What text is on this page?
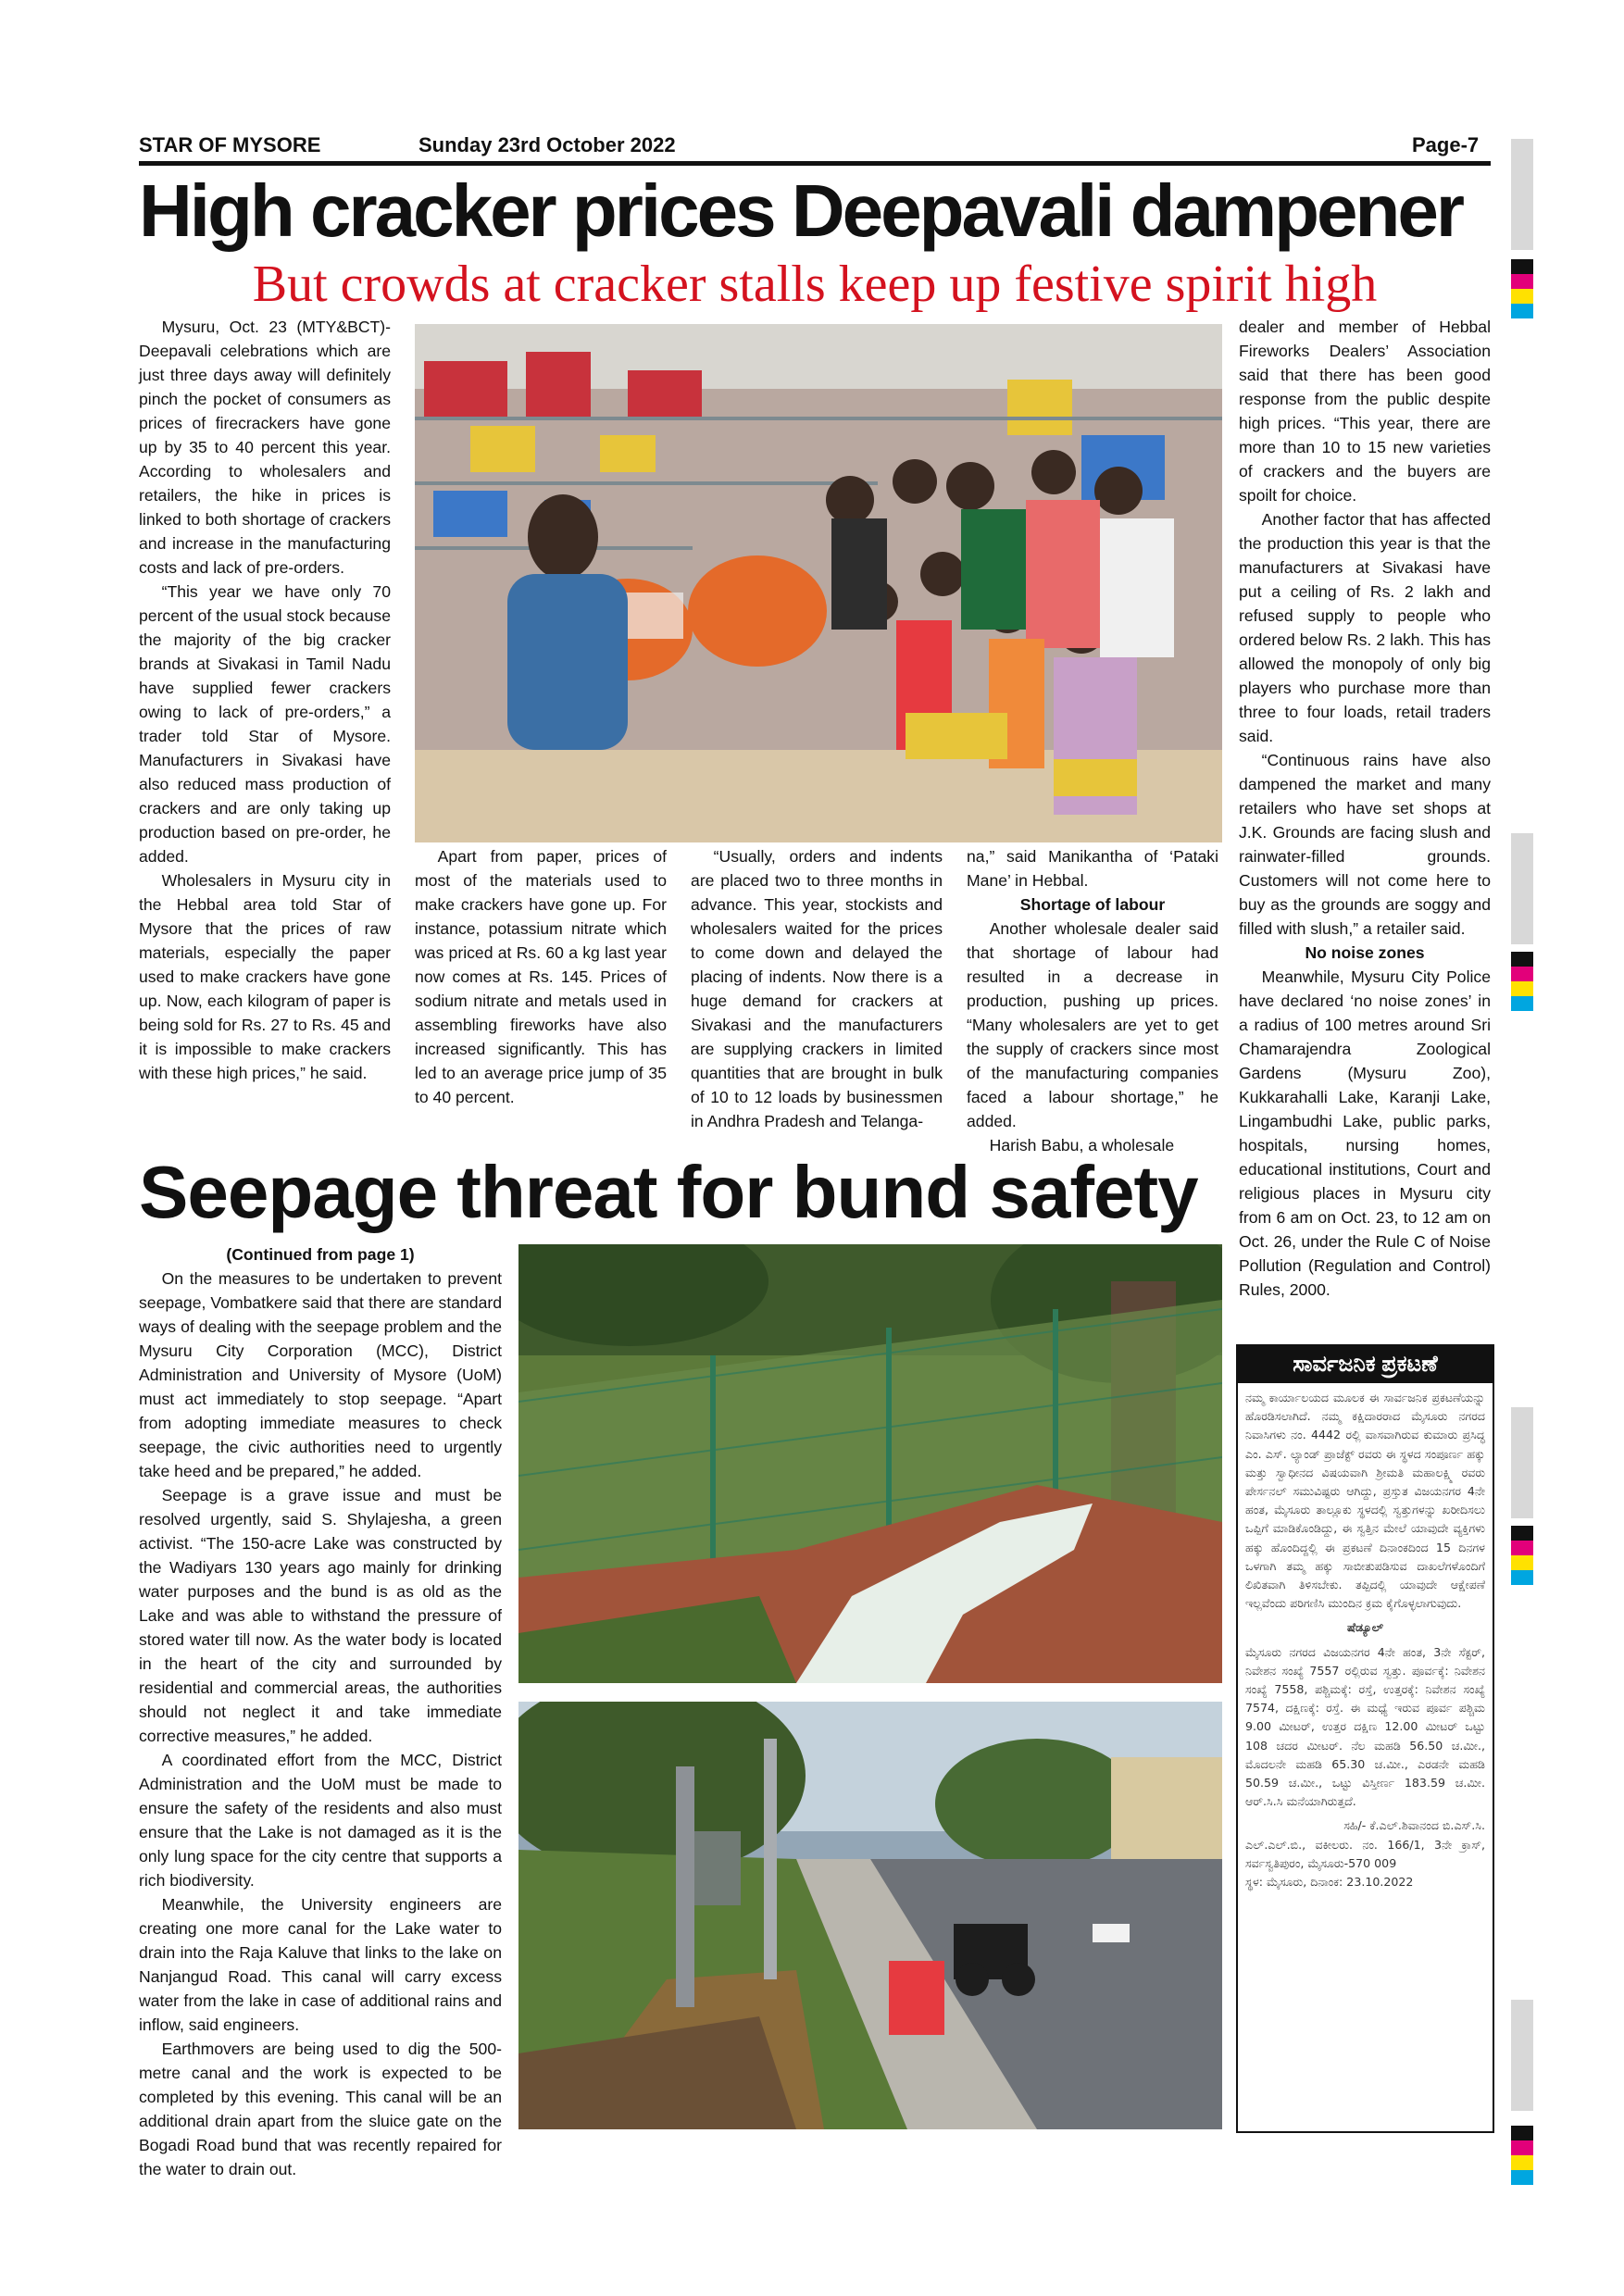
STAR OF MYSORE	Sunday 23rd October 2022	Page-7
High cracker prices Deepavali dampener
But crowds at cracker stalls keep up festive spirit high

Mysuru, Oct. 23 (MTY&BCT)- Deepavali celebrations which are just three days away will definitely pinch the pocket of consumers as prices of firecrackers have gone up by 35 to 40 percent this year. According to wholesalers and retailers, the hike in prices is linked to both shortage of crackers and increase in the manufacturing costs and lack of pre-orders.

“This year we have only 70 percent of the usual stock because the majority of the big cracker brands at Sivakasi in Tamil Nadu have supplied fewer crackers owing to lack of pre-orders,” a trader told Star of Mysore. Manufacturers in Sivakasi have also reduced mass production of crackers and are only taking up production based on pre-order, he added.

Wholesalers in Mysuru city in the Hebbal area told Star of Mysore that the prices of raw materials, especially the paper used to make crackers have gone up. Now, each kilogram of paper is being sold for Rs. 27 to Rs. 45 and it is impossible to make crackers with these high prices,” he said.

Apart from paper, prices of most of the materials used to make crackers have gone up. For instance, potassium nitrate which was priced at Rs. 60 a kg last year now comes at Rs. 145. Prices of sodium nitrate and metals used in assembling fireworks have also increased significantly. This has led to an average price jump of 35 to 40 percent.

“Usually, orders and indents are placed two to three months in advance. This year, stockists and wholesalers waited for the prices to come down and delayed the placing of indents. Now there is a huge demand for crackers at Sivakasi and the manufacturers are supplying crackers in limited quantities that are brought in bulk of 10 to 12 loads by businessmen in Andhra Pradesh and Telanga-

na,” said Manikantha of ‘Pataki Mane’ in Hebbal.

Shortage of labour

Another wholesale dealer said that shortage of labour had resulted in a decrease in production, pushing up prices. “Many wholesalers are yet to get the supply of crackers since most of the manufacturing companies faced a labour shortage,” he added.

Harish Babu, a wholesale

dealer and member of Hebbal Fireworks Dealers’ Association said that there has been good response from the public despite high prices. “This year, there are more than 10 to 15 new varieties of crackers and the buyers are spoilt for choice.

Another factor that has affected the production this year is that the manufacturers at Sivakasi have put a ceiling of Rs. 2 lakh and refused supply to people who ordered below Rs. 2 lakh. This has allowed the monopoly of only big players who purchase more than three to four loads, retail traders said.

“Continuous rains have also dampened the market and many retailers who have set shops at J.K. Grounds are facing slush and rainwater-filled grounds. Customers will not come here to buy as the grounds are soggy and filled with slush,” a retailer said.

No noise zones

Meanwhile, Mysuru City Police have declared ‘no noise zones’ in a radius of 100 metres around Sri Chamarajendra Zoological Gardens (Mysuru Zoo), Kukkarahalli Lake, Karanji Lake, Lingambudhi Lake, public parks, hospitals, nursing homes, educational institutions, Court and religious places in Mysuru city from 6 am on Oct. 23, to 12 am on Oct. 26, under the Rule C of Noise Pollution (Regulation and Control) Rules, 2000.

Seepage threat for bund safety

(Continued from page 1)

On the measures to be undertaken to prevent seepage, Vombatkere said that there are standard ways of dealing with the seepage problem and the Mysuru City Corporation (MCC), District Administration and University of Mysore (UoM) must act immediately to stop seepage. “Apart from adopting immediate measures to check seepage, the civic authorities need to urgently take heed and be prepared,” he added.

Seepage is a grave issue and must be resolved urgently, said S. Shylajesha, a green activist. “The 150-acre Lake was constructed by the Wadiyars 130 years ago mainly for drinking water purposes and the bund is as old as the Lake and was able to withstand the pressure of stored water till now. As the water body is located in the heart of the city and surrounded by residential and commercial areas, the authorities should not neglect it and take immediate corrective measures,” he added.

A coordinated effort from the MCC, District Administration and the UoM must be made to ensure the safety of the residents and also must ensure that the Lake is not damaged as it is the only lung space for the city centre that supports a rich biodiversity.

Meanwhile, the University engineers are creating one more canal for the Lake water to drain into the Raja Kaluve that links to the lake on Nanjangud Road. This canal will carry excess water from the lake in case of additional rains and inflow, said engineers.

Earthmovers are being used to dig the 500-metre canal and the work is expected to be completed by this evening. This canal will be an additional drain apart from the sluice gate on the Bogadi Road bund that was recently repaired for the water to drain out.

ಸಾರ್ವಜನಿಕ ಪ್ರಕಟಣೆ
ನಮ್ಮ ಕಾರ್ಯಾಲಯದ ಮೂಲಕ ಈ ಸಾರ್ವಜನಿಕ ಪ್ರಕಟಣೆಯನ್ನು ಹೊರಡಿಸಲಾಗಿದೆ. ನಮ್ಮ ಕಕ್ಷಿದಾರರಾದ ಮೈಸೂರು ನಗರದ ನಿವಾಸಿಗಳು ನಂ. 4442 ರಲ್ಲಿ ವಾಸವಾಗಿರುವ ಕುಮಾರು ಪ್ರಸಿದ್ಧ ಎಂ. ಎಸ್. ಲ್ಯಾಂಡ್ ಪ್ರಾಜೆಕ್ಟ್ ರವರು ಈ ಸ್ಥಳದ ಸಂಪೂರ್ಣ ಹಕ್ಕು ಮತ್ತು ಸ್ವಾಧೀನದ ವಿಷಯವಾಗಿ ಶ್ರೀಮತಿ ಮಹಾಲಕ್ಷ್ಮಿ ರವರು ಪೇರ್ಸನಲ್ ಸಮುವಿಷ್ಟರು ಆಗಿದ್ದು, ಪ್ರಸ್ತುತ ವಿಜಯನಗರ 4ನೇ ಹಂತ, ಮೈಸೂರು ತಾಲ್ಲೂಕು ಸ್ಥಳದಲ್ಲಿ ಸ್ವತ್ತುಗಳನ್ನು ಖರೀದಿಸಲು ಒಪ್ಪಿಗೆ ಮಾಡಿಕೊಂಡಿದ್ದು, ಈ ಸ್ವತ್ತಿನ ಮೇಲೆ ಯಾವುದೇ ವ್ಯಕ್ತಿಗಳು ಹಕ್ಕು ಹೊಂದಿದ್ದಲ್ಲಿ ಈ ಪ್ರಕಟಣೆ ದಿನಾಂಕದಿಂದ 15 ದಿನಗಳ ಒಳಗಾಗಿ ತಮ್ಮ ಹಕ್ಕು ಸಾಬೀತುಪಡಿಸುವ ದಾಖಲೆಗಳೊಂದಿಗೆ ಲಿಖಿತವಾಗಿ ತಿಳಿಸಬೇಕು. ತಪ್ಪಿದಲ್ಲಿ ಯಾವುದೇ ಆಕ್ಷೇಪಣೆ ಇಲ್ಲವೆಂದು ಪರಿಗಣಿಸಿ ಮುಂದಿನ ಕ್ರಮ ಕೈಗೊಳ್ಳಲಾಗುವುದು.
ಷೆಡ್ಯೂಲ್
ಮೈಸೂರು ನಗರದ ವಿಜಯನಗರ 4ನೇ ಹಂತ, 3ನೇ ಸೆಕ್ಟರ್, ನಿವೇಶನ ಸಂಖ್ಯೆ 7557 ರಲ್ಲಿರುವ ಸ್ವತ್ತು. ಪೂರ್ವಕ್ಕೆ: ನಿವೇಶನ ಸಂಖ್ಯೆ 7558, ಪಶ್ಚಿಮಕ್ಕೆ: ರಸ್ತೆ, ಉತ್ತರಕ್ಕೆ: ನಿವೇಶನ ಸಂಖ್ಯೆ 7574, ದಕ್ಷಿಣಕ್ಕೆ: ರಸ್ತೆ. ಈ ಮಧ್ಯೆ ಇರುವ ಪೂರ್ವ ಪಶ್ಚಿಮ 9.00 ಮೀಟರ್, ಉತ್ತರ ದಕ್ಷಿಣ 12.00 ಮೀಟರ್ ಒಟ್ಟು 108 ಚದರ ಮೀಟರ್. ನೆಲ ಮಹಡಿ 56.50 ಚ.ಮೀ., ಮೊದಲನೇ ಮಹಡಿ 65.30 ಚ.ಮೀ., ಎರಡನೇ ಮಹಡಿ 50.59 ಚ.ಮೀ., ಒಟ್ಟು ವಿಸ್ತೀರ್ಣ 183.59 ಚ.ಮೀ. ಆರ್.ಸಿ.ಸಿ ಮನೆಯಾಗಿರುತ್ತದೆ.
ಸಹಿ/- ಕೆ.ಎಲ್.ಶಿವಾನಂದ ಬಿ.ಎಸ್.ಸಿ.
ಎಲ್.ಎಲ್.ಬಿ., ವಕೀಲರು. ನಂ. 166/1, 3ನೇ ಕ್ರಾಸ್, ಸರ್ವಸ್ವತಿಪುರಂ, ಮೈಸೂರು-570 009
ಸ್ಥಳ: ಮೈಸೂರು, ದಿನಾಂಕ: 23.10.2022
